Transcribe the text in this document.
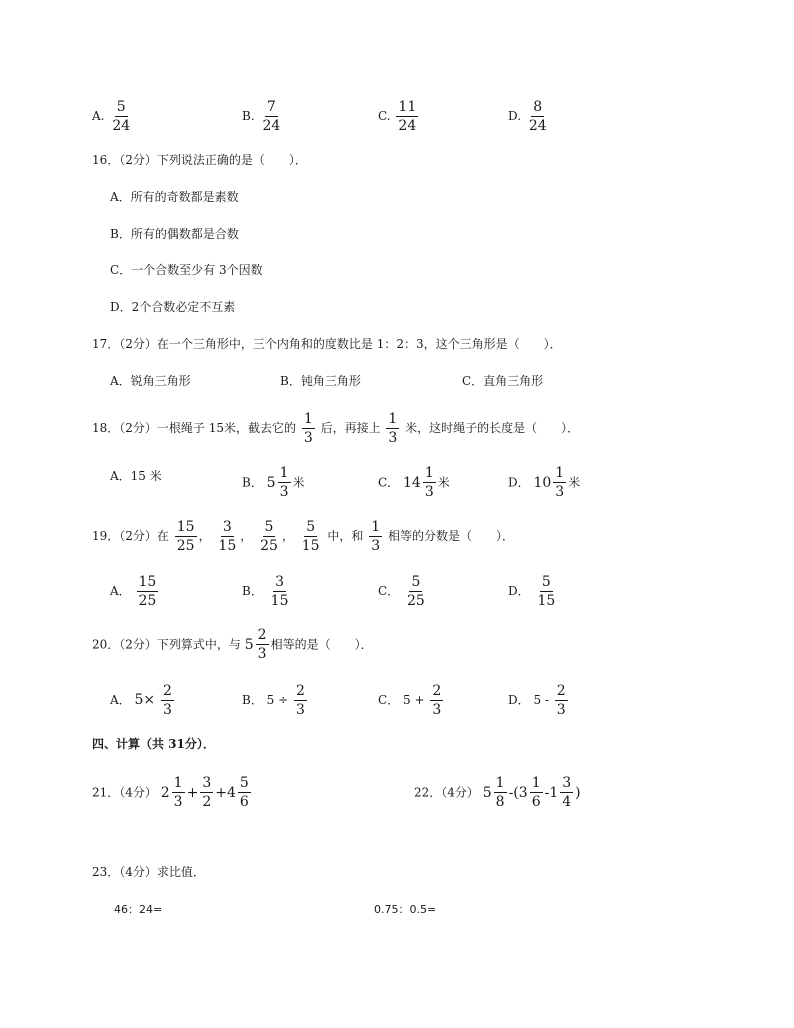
A. $\frac{5}{24}$	B. $\frac{7}{24}$	C. $\frac{11}{24}$	D. $\frac{8}{24}$
16．（2分）下列说法正确的是（　　）．
A．所有的奇数都是素数
B．所有的偶数都是合数
C．一个合数至少有 3个因数
D．2个合数必定不互素
17．（2分）在一个三角形中，三个内角和的度数比是 1：2：3，这个三角形是（　　）．
A．锐角三角形	B．钝角三角形	C．直角三角形
18．（2分）一根绳子 15米，截去它的 $\frac{1}{3}$ 后，再接上 $\frac{1}{3}$ 米，这时绳子的长度是（　　）．
A．15 米	B． $5 \frac{1}{3}$ 米	C． $14 \frac{1}{3}$ 米	D． $10 \frac{1}{3}$ 米
19．（2分）在 $\frac{15}{25}$ ， $\frac{3}{15}$ ， $\frac{5}{25}$ ， $\frac{5}{15}$ 中，和 $\frac{1}{3}$ 相等的分数是（　　）．
A． $\frac{15}{25}$	B． $\frac{3}{15}$	C． $\frac{5}{25}$	D． $\frac{5}{15}$
20．（2分）下列算式中，与 $5 \frac{2}{3}$ 相等的是（　　）．
A． $5\times \frac{2}{3}$	B． $5 \div \frac{2}{3}$	C． $5 + \frac{2}{3}$	D． $5 - \frac{2}{3}$
四、计算（共 31分）．
21．（4分） $2 \frac{1}{3} + \frac{3}{2} +4 \frac{5}{6}$	22．（4分） $5 \frac{1}{8} -(3 \frac{1}{6} -1 \frac{3}{4}$ )
23．（4分）求比值．
46：24=	0.75：0.5=
